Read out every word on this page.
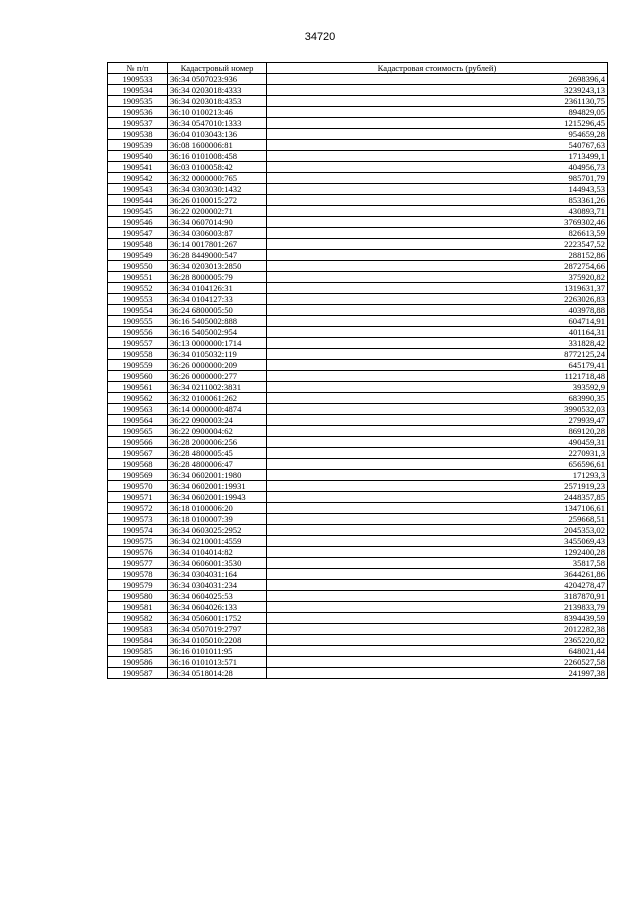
34720
№ п/п	Кадастровый номер	Кадастровая стоимость (рублей)
1909533	36:34 0507023:936	2698396,4
1909534	36:34 0203018:4333	3239243,13
1909535	36:34 0203018:4353	2361130,75
1909536	36:10 0100213:46	894829,05
1909537	36:34 0547010:1333	1215296,45
1909538	36:04 0103043:136	954659,28
1909539	36:08 1600006:81	540767,63
1909540	36:16 0101008:458	1713499,1
1909541	36:03 0100058:42	404956,73
1909542	36:32 0000000:765	985701,79
1909543	36:34 0303030:1432	144943,53
1909544	36:26 0100015:272	853361,26
1909545	36:22 0200002:71	430893,71
1909546	36:34 0607014:90	3769302,46
1909547	36:34 0306003:87	826613,59
1909548	36:14 0017801:267	2223547,52
1909549	36:28 8449000:547	288152,86
1909550	36:34 0203013:2850	2872754,66
1909551	36:28 8000005:79	375920,82
1909552	36:34 0104126:31	1319631,37
1909553	36:34 0104127:33	2263026,83
1909554	36:24 6800005:50	403978,88
1909555	36:16 5405002:888	604714,91
1909556	36:16 5405002:954	401164,31
1909557	36:13 0000000:1714	331828,42
1909558	36:34 0105032:119	8772125,24
1909559	36:26 0000000:209	645179,41
1909560	36:26 0000000:277	1121718,48
1909561	36:34 0211002:3831	393592,9
1909562	36:32 0100061:262	683990,35
1909563	36:14 0000000:4874	3990532,03
1909564	36:22 0900003:24	279939,47
1909565	36:22 0900004:62	869120,28
1909566	36:28 2000006:256	490459,31
1909567	36:28 4800005:45	2270931,3
1909568	36:28 4800006:47	656596,61
1909569	36:34 0602001:1980	171293,3
1909570	36:34 0602001:19931	2571919,23
1909571	36:34 0602001:19943	2448357,85
1909572	36:18 0100006:20	1347106,61
1909573	36:18 0100007:39	259668,51
1909574	36:34 0603025:2952	2045353,02
1909575	36:34 0210001:4559	3455069,43
1909576	36:34 0104014:82	1292400,28
1909577	36:34 0606001:3530	35817,58
1909578	36:34 0304031:164	3644261,86
1909579	36:34 0304031:234	4204278,47
1909580	36:34 0604025:53	3187870,91
1909581	36:34 0604026:133	2139833,79
1909582	36:34 0506001:1752	8394439,59
1909583	36:34 0507019:2797	2012282,38
1909584	36:34 0105010:2208	2365220,82
1909585	36:16 0101011:95	648021,44
1909586	36:16 0101013:571	2260527,58
1909587	36:34 0518014:28	241997,38
